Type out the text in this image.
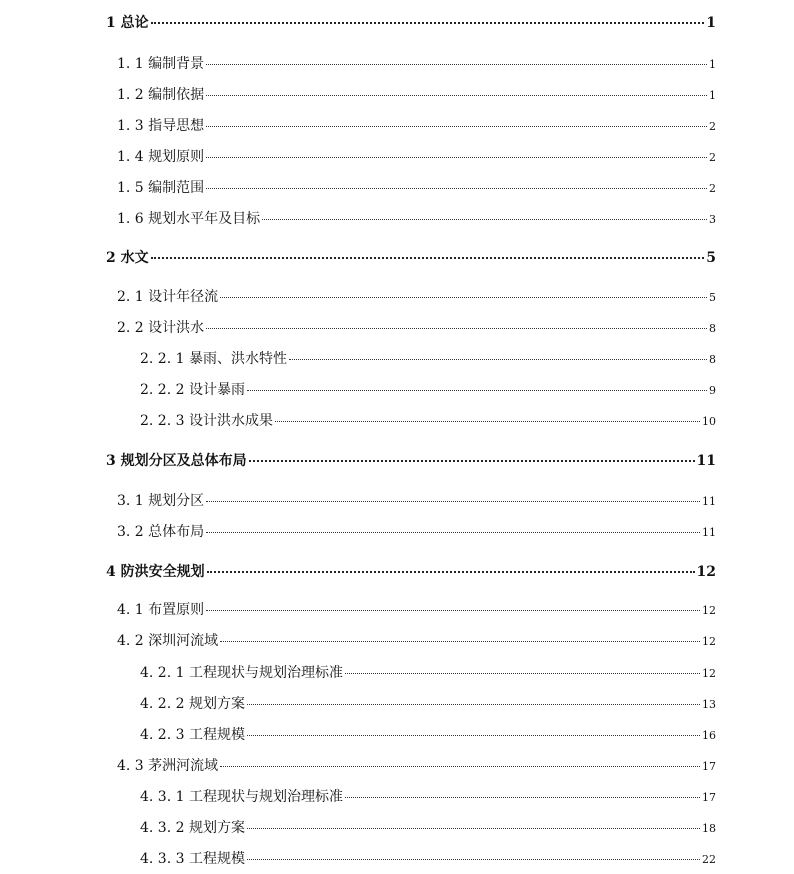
1 总论	1
1. 1 编制背景	1
1. 2 编制依据	1
1. 3 指导思想	2
1. 4 规划原则	2
1. 5 编制范围	2
1. 6 规划水平年及目标	3
2 水文	5
2. 1 设计年径流	5
2. 2 设计洪水	8
2. 2. 1 暴雨、洪水特性	8
2. 2. 2 设计暴雨	9
2. 2. 3 设计洪水成果	10
3 规划分区及总体布局	11
3. 1 规划分区	11
3. 2 总体布局	11
4 防洪安全规划	12
4. 1 布置原则	12
4. 2 深圳河流域	12
4. 2. 1 工程现状与规划治理标准	12
4. 2. 2 规划方案	13
4. 2. 3 工程规模	16
4. 3 茅洲河流域	17
4. 3. 1 工程现状与规划治理标准	17
4. 3. 2 规划方案	18
4. 3. 3 工程规模	22
